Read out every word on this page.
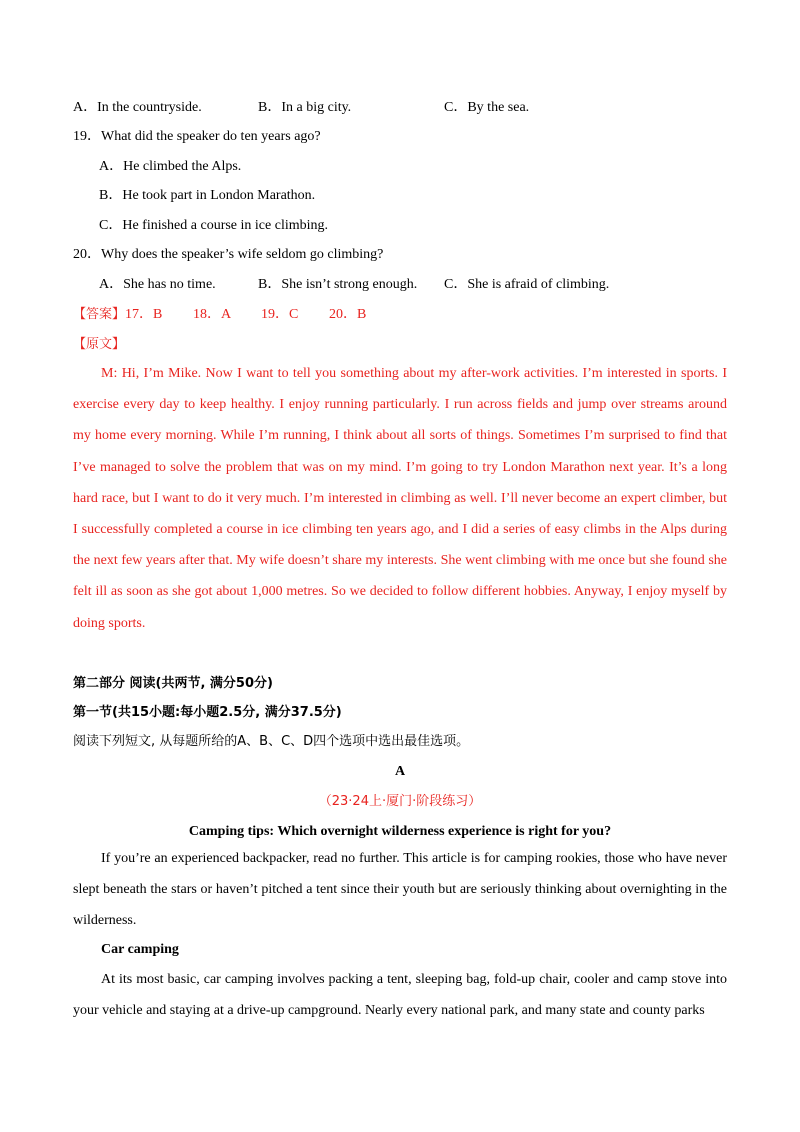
A．In the countryside.	B．In a big city.	C．By the sea.
19．What did the speaker do ten years ago?
A．He climbed the Alps.
B．He took part in London Marathon.
C．He finished a course in ice climbing.
20．Why does the speaker’s wife seldom go climbing?
A．She has no time.	B．She isn’t strong enough.	C．She is afraid of climbing.
【答案】 17．B	18．A	19．C	20．B
【原文】
M: Hi, I’m Mike. Now I want to tell you something about my after-work activities. I’m interested in sports. I exercise every day to keep healthy. I enjoy running particularly. I run across fields and jump over streams around my home every morning. While I’m running, I think about all sorts of things. Sometimes I’m surprised to find that I’ve managed to solve the problem that was on my mind. I’m going to try London Marathon next year. It’s a long hard race, but I want to do it very much. I’m interested in climbing as well. I’ll never become an expert climber, but I successfully completed a course in ice climbing ten years ago, and I did a series of easy climbs in the Alps during the next few years after that. My wife doesn’t share my interests. She went climbing with me once but she found she felt ill as soon as she got about 1,000 metres. So we decided to follow different hobbies. Anyway, I enjoy myself by doing sports.
第二部分 阅读(共两节, 满分50分)
第一节(共15小题:每小题2.5分, 满分37.5分)
阅读下列短文, 从每题所给的A、B、C、D四个选项中选出最佳选项。
A
（23·24上·厦门·阶段练习）
Camping tips: Which overnight wilderness experience is right for you?
If you’re an experienced backpacker, read no further. This article is for camping rookies, those who have never slept beneath the stars or haven’t pitched a tent since their youth but are seriously thinking about overnighting in the wilderness.
Car camping
At its most basic, car camping involves packing a tent, sleeping bag, fold-up chair, cooler and camp stove into your vehicle and staying at a drive-up campground. Nearly every national park, and many state and county parks
